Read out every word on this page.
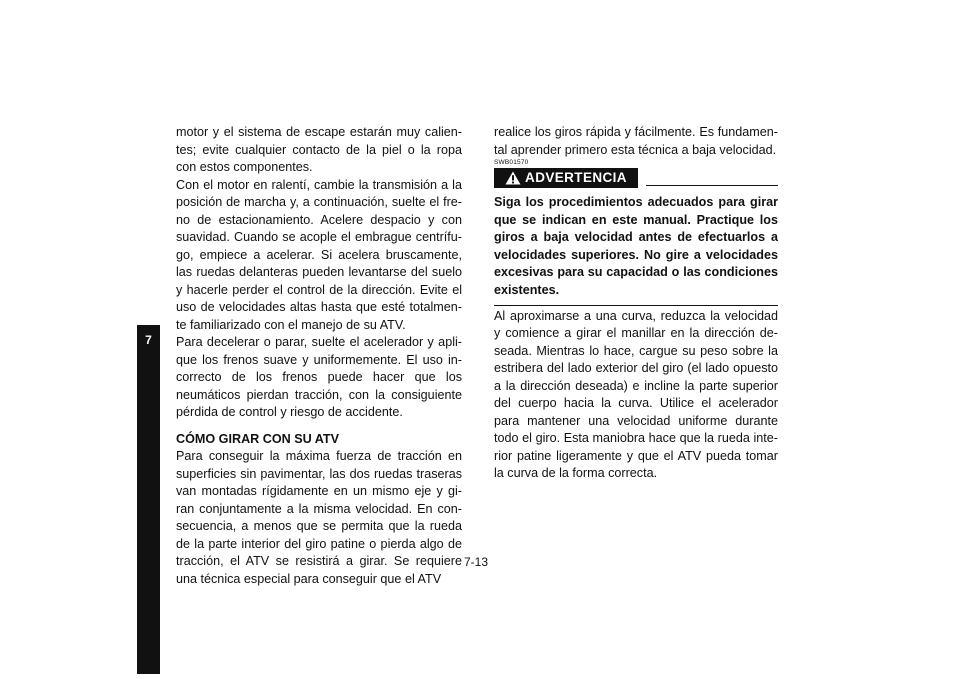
7

motor y el sistema de escape estarán muy calien-tes; evite cualquier contacto de la piel o la ropa con estos componentes.

Con el motor en ralentí, cambie la transmisión a la posición de marcha y, a continuación, suelte el fre-no de estacionamiento. Acelere despacio y con suavidad. Cuando se acople el embrague centrífu-go, empiece a acelerar. Si acelera bruscamente, las ruedas delanteras pueden levantarse del suelo y hacerle perder el control de la dirección. Evite el uso de velocidades altas hasta que esté totalmen-te familiarizado con el manejo de su ATV.

Para decelerar o parar, suelte el acelerador y apli-que los frenos suave y uniformemente. El uso in-correcto de los frenos puede hacer que los neumáticos pierdan tracción, con la consiguiente pérdida de control y riesgo de accidente.

CÓMO GIRAR CON SU ATV

Para conseguir la máxima fuerza de tracción en superficies sin pavimentar, las dos ruedas traseras van montadas rígidamente en un mismo eje y gi-ran conjuntamente a la misma velocidad. En con-secuencia, a menos que se permita que la rueda de la parte interior del giro patine o pierda algo de tracción, el ATV se resistirá a girar. Se requiere una técnica especial para conseguir que el ATV

realice los giros rápida y fácilmente. Es fundamen-tal aprender primero esta técnica a baja velocidad.

SWB01570

ADVERTENCIA

Siga los procedimientos adecuados para girar que se indican en este manual. Practique los giros a baja velocidad antes de efectuarlos a velocidades superiores. No gire a velocidades excesivas para su capacidad o las condiciones existentes.

Al aproximarse a una curva, reduzca la velocidad y comience a girar el manillar en la dirección de-seada. Mientras lo hace, cargue su peso sobre la estribera del lado exterior del giro (el lado opuesto a la dirección deseada) e incline la parte superior del cuerpo hacia la curva. Utilice el acelerador para mantener una velocidad uniforme durante todo el giro. Esta maniobra hace que la rueda inte-rior patine ligeramente y que el ATV pueda tomar la curva de la forma correcta.

7-13
